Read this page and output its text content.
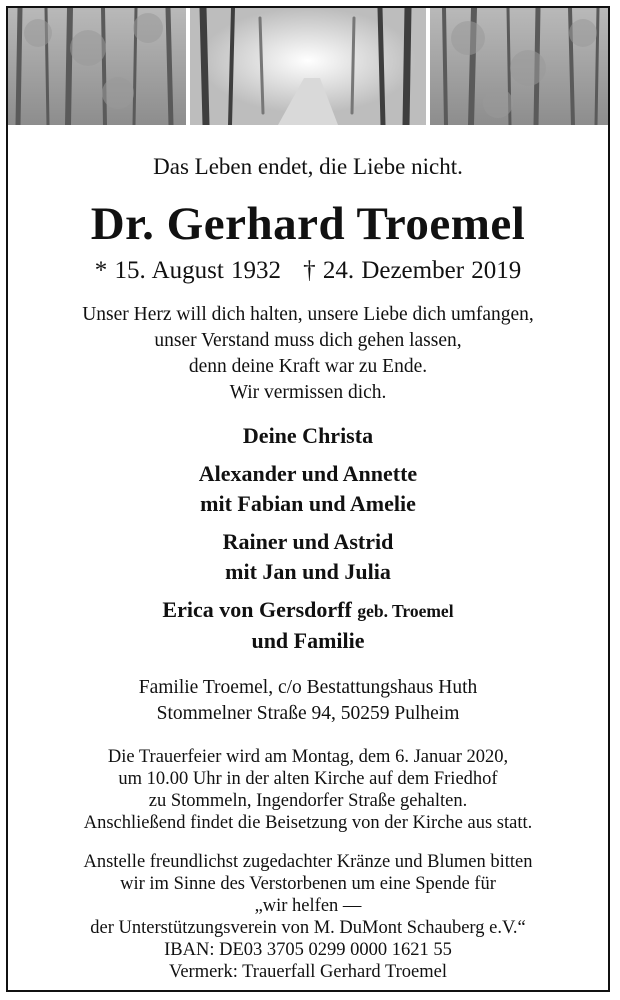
Das Leben endet, die Liebe nicht.
Dr. Gerhard Troemel
* 15. August 1932 † 24. Dezember 2019
Unser Herz will dich halten, unsere Liebe dich umfangen,
unser Verstand muss dich gehen lassen,
denn deine Kraft war zu Ende.
Wir vermissen dich.
Deine Christa
Alexander und Annette
mit Fabian und Amelie
Rainer und Astrid
mit Jan und Julia
Erica von Gersdorff geb. Troemel
und Familie
Familie Troemel, c/o Bestattungshaus Huth
Stommelner Straße 94, 50259 Pulheim
Die Trauerfeier wird am Montag, dem 6. Januar 2020,
um 10.00 Uhr in der alten Kirche auf dem Friedhof
zu Stommeln, Ingendorfer Straße gehalten.
Anschließend findet die Beisetzung von der Kirche aus statt.
Anstelle freundlichst zugedachter Kränze und Blumen bitten
wir im Sinne des Verstorbenen um eine Spende für
„wir helfen —
der Unterstützungsverein von M. DuMont Schauberg e.V.“
IBAN: DE03 3705 0299 0000 1621 55
Vermerk: Trauerfall Gerhard Troemel
